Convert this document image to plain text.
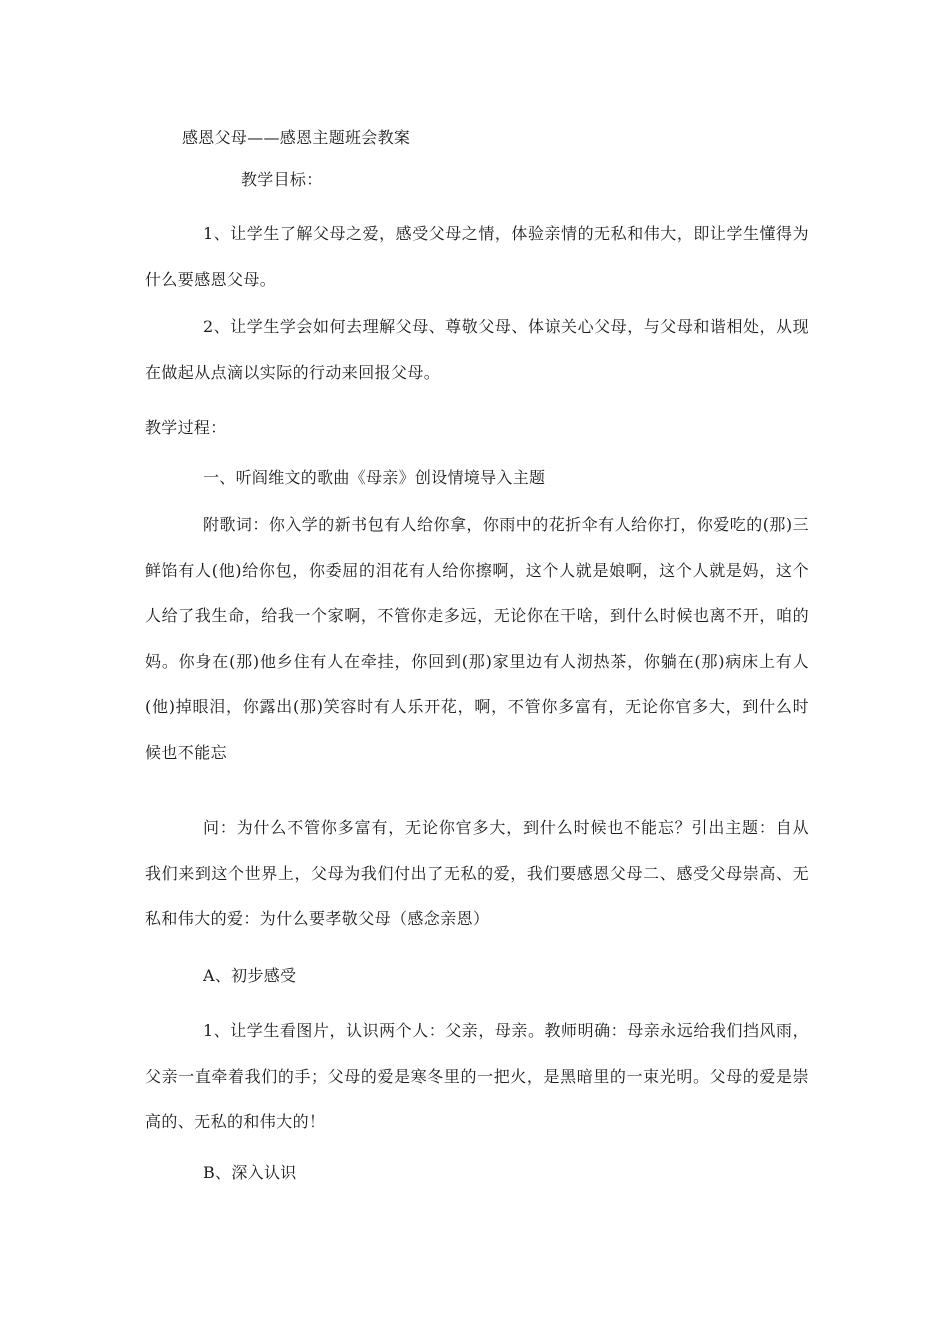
感恩父母——感恩主题班会教案
教学目标：
1、让学生了解父母之爱，感受父母之情，体验亲情的无私和伟大，即让学生懂得为什么要感恩父母。
2、让学生学会如何去理解父母、尊敬父母、体谅关心父母，与父母和谐相处，从现在做起从点滴以实际的行动来回报父母。
教学过程：
一、听阎维文的歌曲《母亲》创设情境导入主题
附歌词：你入学的新书包有人给你拿，你雨中的花折伞有人给你打，你爱吃的(那)三鲜馅有人(他)给你包，你委屈的泪花有人给你擦啊，这个人就是娘啊，这个人就是妈，这个人给了我生命，给我一个家啊，不管你走多远，无论你在干啥，到什么时候也离不开，咱的妈。你身在(那)他乡住有人在牵挂，你回到(那)家里边有人沏热茶，你躺在(那)病床上有人(他)掉眼泪，你露出(那)笑容时有人乐开花，啊，不管你多富有，无论你官多大，到什么时候也不能忘
问：为什么不管你多富有，无论你官多大，到什么时候也不能忘？引出主题：自从我们来到这个世界上，父母为我们付出了无私的爱，我们要感恩父母二、感受父母崇高、无私和伟大的爱：为什么要孝敬父母（感念亲恩）
A、初步感受
1、让学生看图片，认识两个人：父亲，母亲。教师明确：母亲永远给我们挡风雨，父亲一直牵着我们的手；父母的爱是寒冬里的一把火，是黑暗里的一束光明。父母的爱是崇高的、无私的和伟大的！
B、深入认识
